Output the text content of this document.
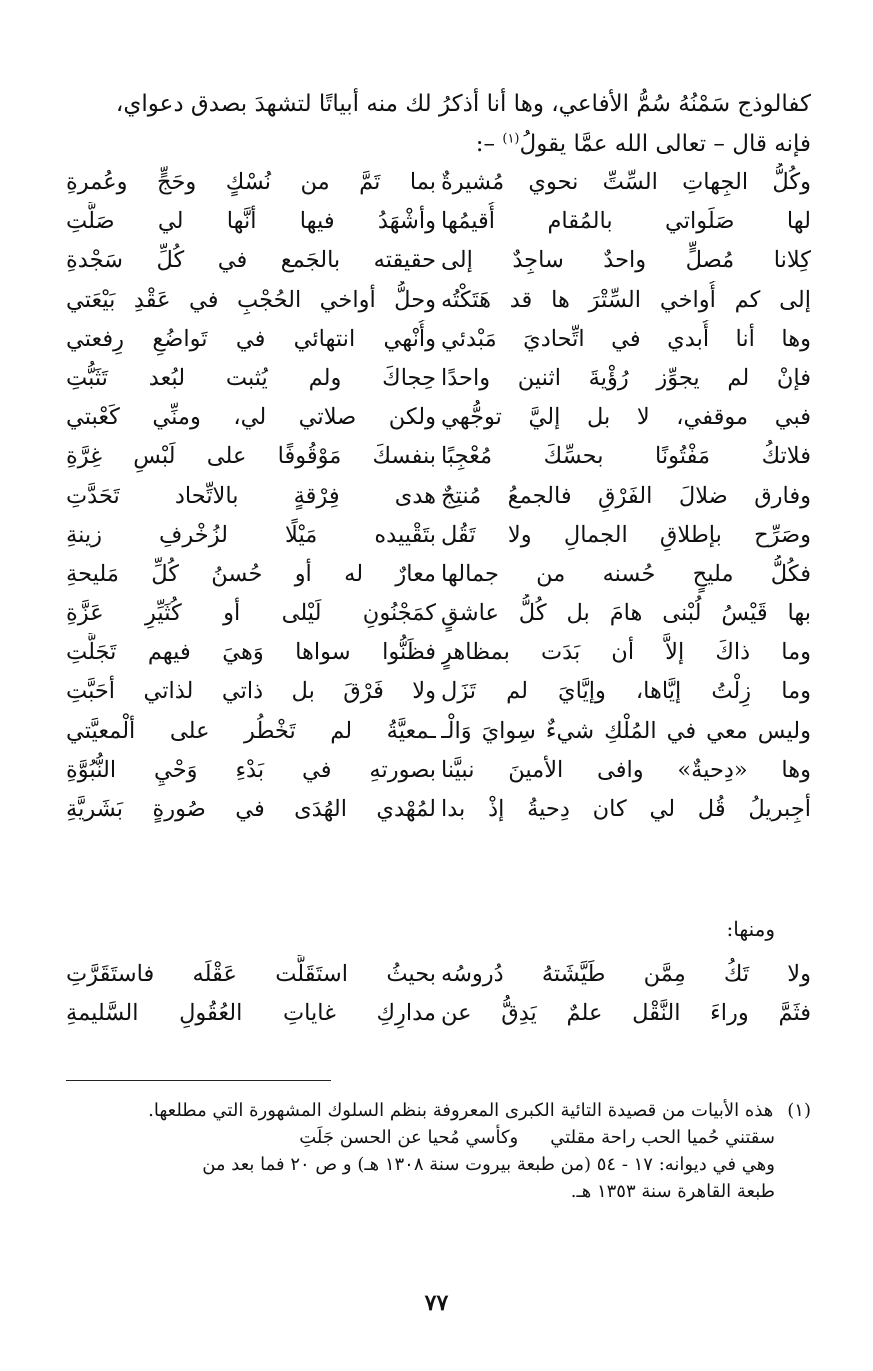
كفالوذج سَمْنُهُ سُمُّ الأفاعي، وها أنا أذكرُ لك منه أبياتًا لتشهدَ بصدق دعواي،
فإنه قال – تعالى الله عمَّا يقولُ$^{(١)}$ –:
وكُلُّ الجِهاتِ السِّتِّ نحوي مُشيرةٌ
بما تَمَّ من نُسْكٍ وحَجٍّ وعُمرةِ
لها صَلَواتي بالمُقام أُقيمُها
وأشْهَدُ فيها أنَّها لي صَلَّتِ
كِلانا مُصلٍّ واحدٌ ساجِدٌ إلى
حقيقته بالجَمع في كُلِّ سَجْدةِ
إلى كم أُواخي السِّتْرَ ها قد هَتَكْتُه
وحلُّ أواخي الحُجْبِ في عَقْدِ بَيْعَتي
وها أنا أُبدي في اتِّحاديَ مَبْدئي
وأُنْهي انتهائي في تَواضُعِ رِفعتي
فإنْ لم يجوِّز رُؤْيةَ اثنين واحدًا
حِجاكَ ولم يُثبت لبُعد تَثَبُّتِ
فبي موقفي، لا بل إليَّ توجُّهي
ولكن صلاتي لي، ومنِّي كَعْبتي
فلاتكُ مَفْتُونًا بحسِّكَ مُعْجِبًا
بنفسكَ مَوْقُوفًا على لَبْسِ غِرَّةِ
وفارق ضلالَ الفَرْقِ فالجمعُ مُنتِجٌ
هدى فِرْقةٍ بالاتِّحاد تَحَدَّتِ
وصَرِّح بإطلاقِ الجمالِ ولا تَقُل
بتَقْييده مَيْلًا لزُخْرفِ زينةِ
فكُلُّ مليحٍ حُسنه من جمالها
معارٌ له أو حُسنُ كُلِّ مَليحةِ
بها قَيْسُ لُبْنى هامَ بل كُلُّ عاشقٍ
كمَجْنُونِ لَيْلى أو كُثَيِّرِ عَزَّةِ
وما ذاكَ إلاَّ أن بَدَت بمظاهرٍ
فظَنُّوا سواها وَهيَ فيهم تَجَلَّتِ
وما زِلْتُ إيَّاها، وإيَّايَ لم تَزَل
ولا فَرْقَ بل ذاتي لذاتي أحَبَّتِ
وليس معي في المُلْكِ شيءٌ سِوايَ وَالْـ
ـمعيَّةُ لم تَخْطُر على ألْمعيَّتي
وها «دِحيةٌ» وافى الأمينَ نبيَّنا
بصورتهِ في بَدْءِ وَحْيِ النُّبُوَّةِ
أجِبريلُ قُل لي كان دِحيةُ إذْ بدا
لمُهْدي الهُدَى في صُورةٍ بَشَريَّةِ
ومنها:
ولا تَكُ مِمَّن طَيَّشَتهُ دُروسُه
بحيثُ استَقَلَّت عَقْلَه فاستَقَرَّتِ
فثَمَّ وراءَ النَّقْل علمٌ يَدِقُّ عن
مدارِكِ غاياتِ العُقُولِ السَّليمةِ
(١)هذه الأبيات من قصيدة التائية الكبرى المعروفة بنظم السلوك المشهورة التي مطلعها.
سقتني حُميا الحب راحة مقلتي
وكأسي مُحيا عن الحسن جَلَتِ
وهي في ديوانه: ١٧ - ٥٤ (من طبعة بيروت سنة ١٣٠٨ هـ) و ص ٢٠ فما بعد من
طبعة القاهرة سنة ١٣٥٣ هـ.
٧٧
